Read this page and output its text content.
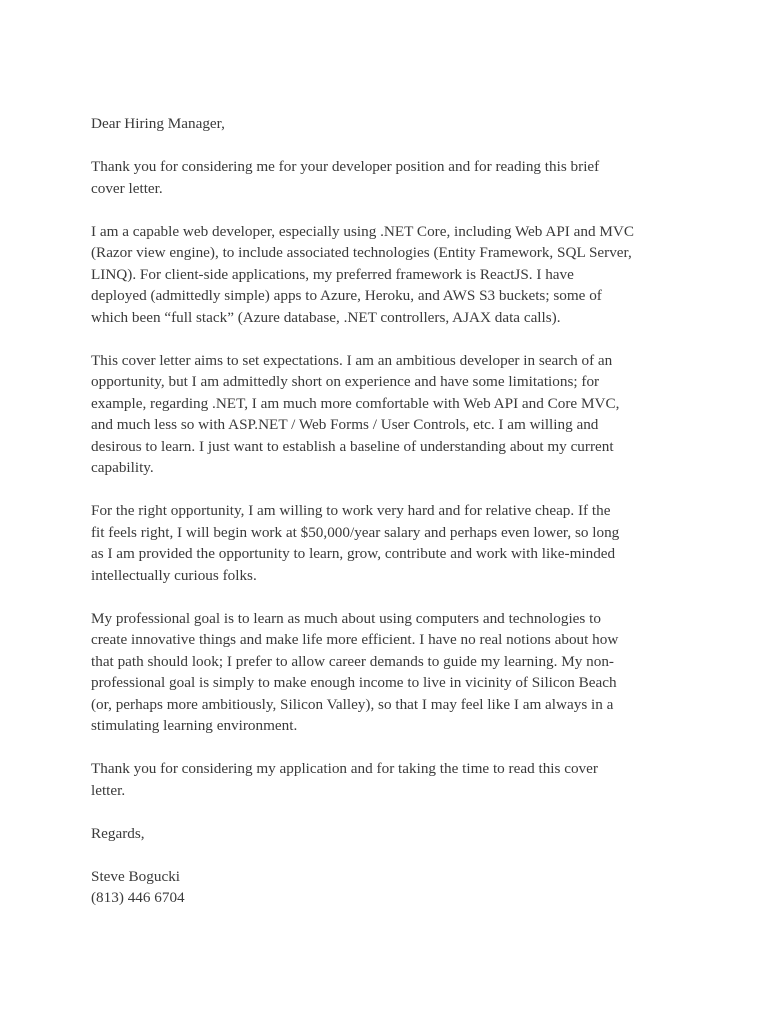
Dear Hiring Manager,

Thank you for considering me for your developer position and for reading this brief
cover letter.

I am a capable web developer, especially using .NET Core, including Web API and MVC
(Razor view engine), to include associated technologies (Entity Framework, SQL Server,
LINQ). For client-side applications, my preferred framework is ReactJS. I have
deployed (admittedly simple) apps to Azure, Heroku, and AWS S3 buckets; some of
which been “full stack” (Azure database, .NET controllers, AJAX data calls).

This cover letter aims to set expectations. I am an ambitious developer in search of an
opportunity, but I am admittedly short on experience and have some limitations; for
example, regarding .NET, I am much more comfortable with Web API and Core MVC,
and much less so with ASP.NET / Web Forms / User Controls, etc. I am willing and
desirous to learn. I just want to establish a baseline of understanding about my current
capability.

For the right opportunity, I am willing to work very hard and for relative cheap. If the
fit feels right, I will begin work at $50,000/year salary and perhaps even lower, so long
as I am provided the opportunity to learn, grow, contribute and work with like-minded
intellectually curious folks.

My professional goal is to learn as much about using computers and technologies to
create innovative things and make life more efficient. I have no real notions about how
that path should look; I prefer to allow career demands to guide my learning. My non-
professional goal is simply to make enough income to live in vicinity of Silicon Beach
(or, perhaps more ambitiously, Silicon Valley), so that I may feel like I am always in a
stimulating learning environment.

Thank you for considering my application and for taking the time to read this cover
letter.

Regards,

Steve Bogucki

(813) 446 6704
